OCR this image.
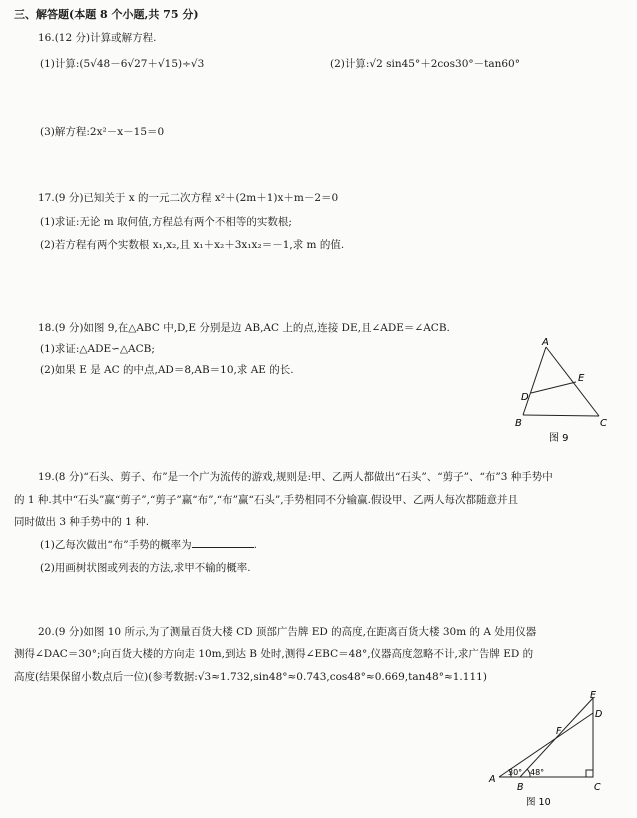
三、解答题(本题 8 个小题,共 75 分)
16.(12 分)计算或解方程.
(1)计算:(5√48－6√27＋√15)÷√3	(2)计算:√2 sin45°＋2cos30°－tan60°
(3)解方程:2x²－x－15＝0
17.(9 分)已知关于 x 的一元二次方程 x²＋(2m＋1)x＋m－2＝0
(1)求证:无论 m 取何值,方程总有两个不相等的实数根;
(2)若方程有两个实数根 x₁,x₂,且 x₁＋x₂＋3x₁x₂＝－1,求 m 的值.
18.(9 分)如图 9,在△ABC 中,D,E 分别是边 AB,AC 上的点,连接 DE,且∠ADE＝∠ACB.
(1)求证:△ADE∽△ACB;
(2)如果 E 是 AC 的中点,AD＝8,AB＝10,求 AE 的长.
A
E
D
B	C
图 9
19.(8 分)“石头、剪子、布”是一个广为流传的游戏,规则是:甲、乙两人都做出“石头”、“剪子”、“布”3 种手势中
的 1 种.其中“石头”赢“剪子”,“剪子”赢“布”,“布”赢“石头”,手势相同不分输赢.假设甲、乙两人每次都随意并且
同时做出 3 种手势中的 1 种.
(1)乙每次做出“布”手势的概率为	.
(2)用画树状图或列表的方法,求甲不输的概率.
20.(9 分)如图 10 所示,为了测量百货大楼 CD 顶部广告牌 ED 的高度,在距离百货大楼 30m 的 A 处用仪器
测得∠DAC＝30°;向百货大楼的方向走 10m,到达 B 处时,测得∠EBC＝48°,仪器高度忽略不计,求广告牌 ED 的
高度(结果保留小数点后一位)(参考数据:√3≈1.732,sin48°≈0.743,cos48°≈0.669,tan48°≈1.111)
E
D
F
A
B	C
30° 48°
图 10
